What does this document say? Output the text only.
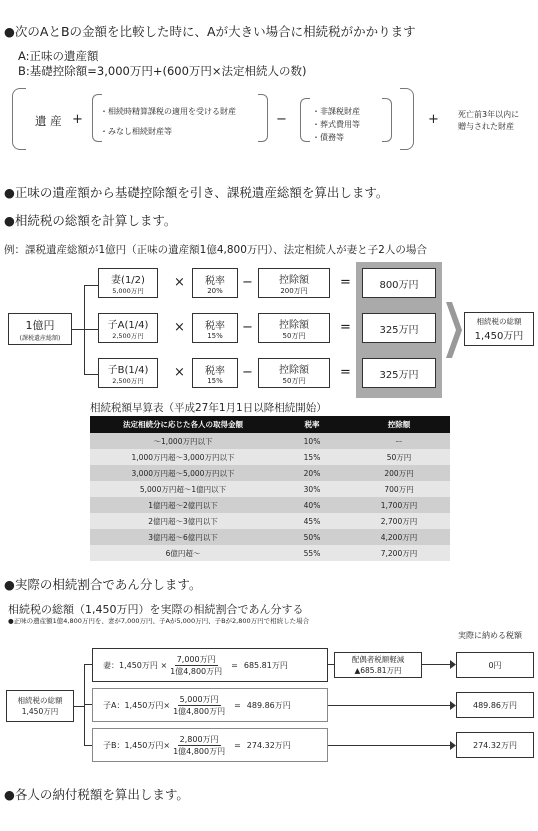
●次のAとBの金額を比較した時に、Aが大きい場合に相続税がかかります
A:正味の遺産額
B:基礎控除額=3,000万円+(600万円×法定相続人の数)
遺 産 +
・相続時精算課税の適用を受ける財産
・みなし相続財産等
−
・非課税財産
・葬式費用等
・債務等
+ 死亡前3年以内に
贈与された財産
●正味の遺産額から基礎控除額を引き、課税遺産総額を算出します。
●相続税の総額を計算します。
例：課税遺産総額が1億円（正味の遺産額1億4,800万円）、法定相続人が妻と子2人の場合
1億円
(課税遺産総額)
妻(1/2)
5,000万円
× 税率
20%
−	控除額
200万円
=	800万円
子A(1/4)
2,500万円
× 税率
15%
−	控除額
50万円
=	325万円
子B(1/4)
2,500万円
× 税率
15%
−	控除額
50万円
=	325万円
相続税の総額
1,450万円
相続税額早算表（平成27年1月1日以降相続開始）
法定相続分に応じた各人の取得金額	税率	控除額
～1,000万円以下	10%	ー
1,000万円超～3,000万円以下	15%	50万円
3,000万円超～5,000万円以下	20%	200万円
5,000万円超～1億円以下	30%	700万円
1億円超～2億円以下	40%	1,700万円
2億円超～3億円以下	45%	2,700万円
3億円超～6億円以下	50%	4,200万円
6億円超～	55%	7,200万円
●実際の相続割合であん分します。
相続税の総額（1,450万円）を実際の相続割合であん分する
●正味の遺産額1億4,800万円を、妻が7,000万円、子Aが5,000万円、子Bが2,800万円で相続した場合
実際に納める税額
相続税の総額
1,450万円
妻：1,450万円 × $\frac{\text{7,000万円}}{\text{1億4,800万円}} = 685.81$万円
配偶者税額軽減
▲685.81万円
0円
子A：1,450万円× $\frac{\text{5,000万円}}{\text{1億4,800万円}} = 489.86$万円	489.86万円
子B：1,450万円× $\frac{\text{2,800万円}}{\text{1億4,800万円}} = 274.32$万円	274.32万円
●各人の納付税額を算出します。
